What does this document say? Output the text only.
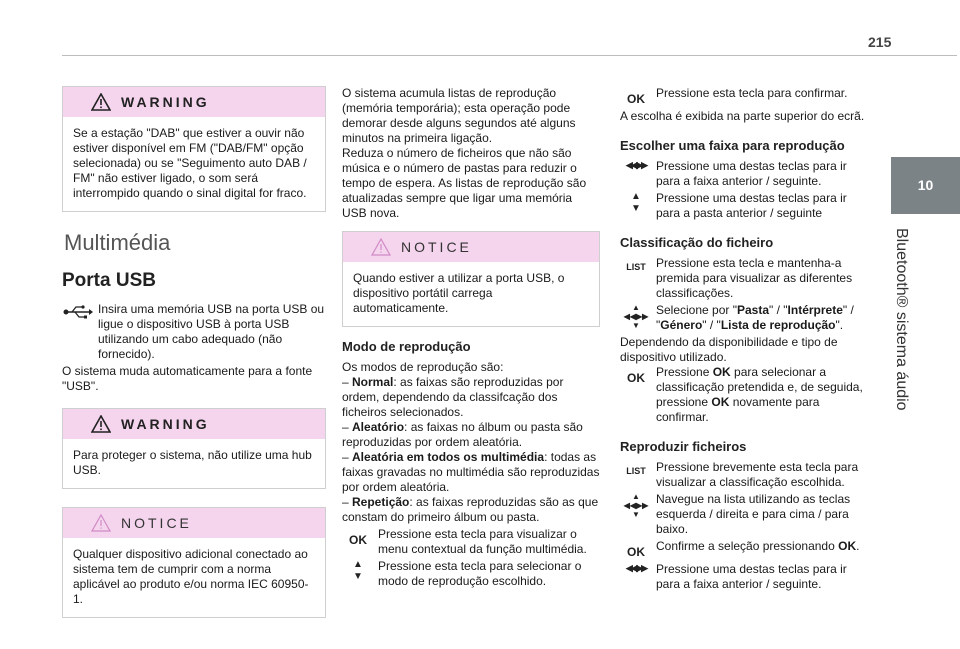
215
10
Bluetooth® sistema áudio
WARNING

Se a estação "DAB" que estiver a ouvir não estiver disponível em FM ("DAB/FM" opção selecionada) ou se "Seguimento auto DAB / FM" não estiver ligado, o som será interrompido quando o sinal digital for fraco.

Multimédia
Porta USB

Insira uma memória USB na porta USB ou ligue o dispositivo USB à porta USB utilizando um cabo adequado (não fornecido).

O sistema muda automaticamente para a fonte "USB".

WARNING

Para proteger o sistema, não utilize uma hub USB.

NOTICE

Qualquer dispositivo adicional conectado ao sistema tem de cumprir com a norma aplicável ao produto e/ou norma IEC 60950-1.

O sistema acumula listas de reprodução (memória temporária); esta operação pode demorar desde alguns segundos até alguns minutos na primeira ligação.

Reduza o número de ficheiros que não são música e o número de pastas para reduzir o tempo de espera. As listas de reprodução são atualizadas sempre que ligar uma memória USB nova.

NOTICE

Quando estiver a utilizar a porta USB, o dispositivo portátil carrega automaticamente.

Modo de reprodução

Os modos de reprodução são:

– Normal: as faixas são reproduzidas por ordem, dependendo da classifcação dos ficheiros selecionados.

– Aleatório: as faixas no álbum ou pasta são reproduzidas por ordem aleatória.

– Aleatória em todos os multimédia: todas as faixas gravadas no multimédia são reproduzidas por ordem aleatória.

– Repetição: as faixas reproduzidas são as que constam do primeiro álbum ou pasta.

OK Pressione esta tecla para visualizar o menu contextual da função multimédia.

▲
▼

Pressione esta tecla para selecionar o modo de reprodução escolhido.

OK Pressione esta tecla para confirmar.

A escolha é exibida na parte superior do ecrã.

Escolher uma faixa para reprodução
◀◀ ▶▶ Pressione uma destas teclas para ir para a faixa anterior / seguinte.

▲
▼

Pressione uma destas teclas para ir para a pasta anterior / seguinte

Classificação do ficheiro
LIST Pressione esta tecla e mantenha-a premida para visualizar as diferentes classificações.

▲
◀◀▶▶
▼

Selecione por "Pasta" / "Intérprete" / "Género" / "Lista de reprodução".

Dependendo da disponibilidade e tipo de dispositivo utilizado.

OK Pressione OK para selecionar a classificação pretendida e, de seguida, pressione OK novamente para confirmar.

Reproduzir ficheiros
LIST Pressione brevemente esta tecla para visualizar a classificação escolhida.

▲
◀◀▶▶
▼

Navegue na lista utilizando as teclas esquerda / direita e para cima / para baixo.

OK Confirme a seleção pressionando OK.

◀◀ ▶▶ Pressione uma destas teclas para ir para a faixa anterior / seguinte.
